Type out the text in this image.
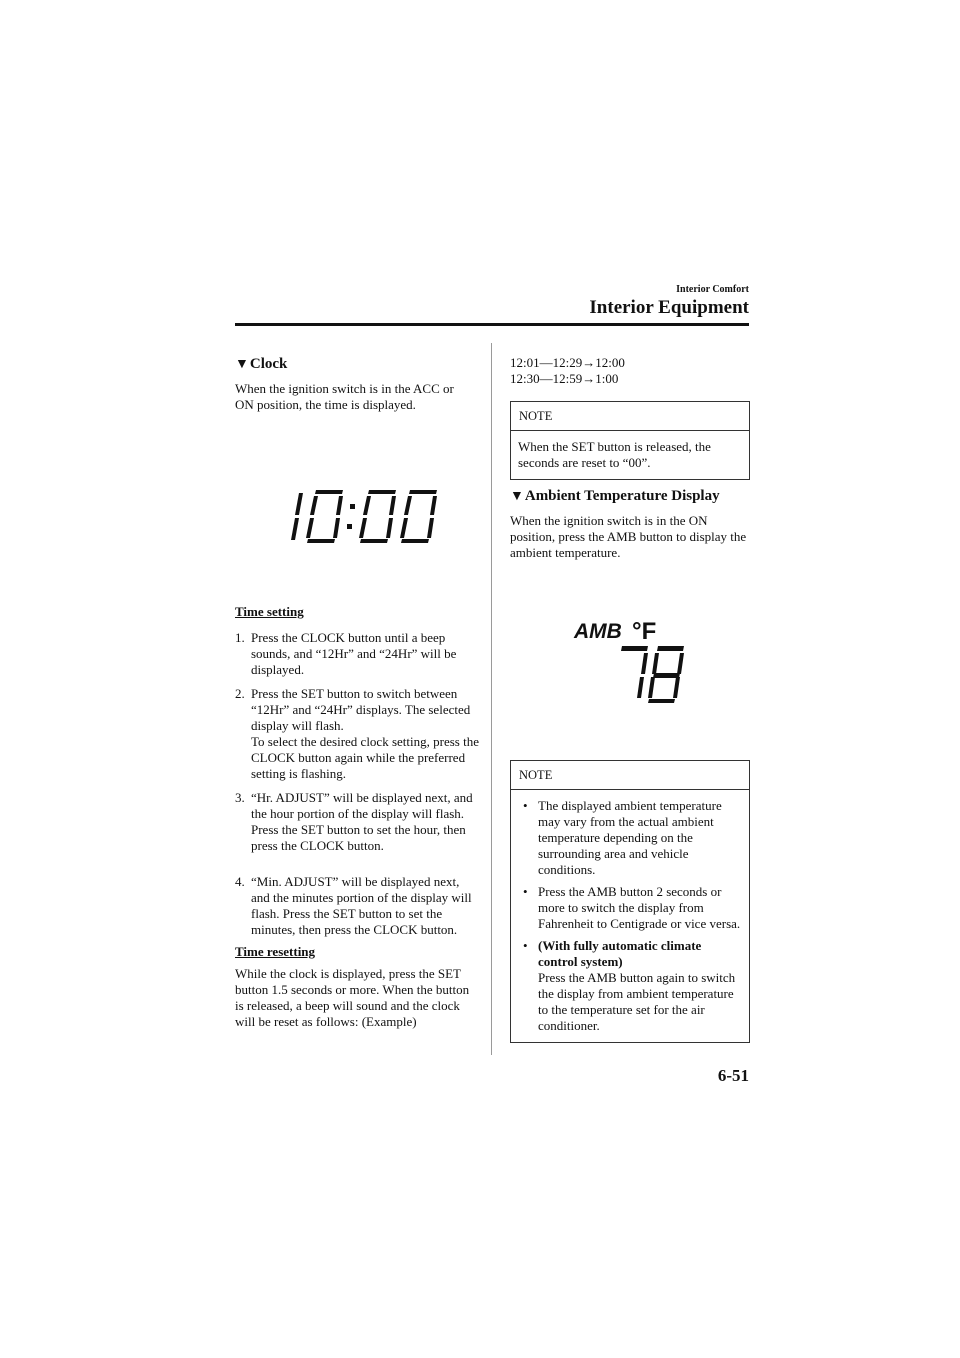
Interior Comfort
Interior Equipment
▼Clock
When the ignition switch is in the ACC or ON position, the time is displayed.
Time setting
1. Press the CLOCK button until a beep sounds, and “12Hr” and “24Hr” will be displayed.
2. Press the SET button to switch between “12Hr” and “24Hr” displays. The selected display will flash.
To select the desired clock setting, press the CLOCK button again while the preferred setting is flashing.
3. “Hr. ADJUST” will be displayed next, and the hour portion of the display will flash. Press the SET button to set the hour, then press the CLOCK button.
4. “Min. ADJUST” will be displayed next, and the minutes portion of the display will flash. Press the SET button to set the minutes, then press the CLOCK button.
Time resetting
While the clock is displayed, press the SET button 1.5 seconds or more. When the button is released, a beep will sound and the clock will be reset as follows: (Example)
12:01―12:29→12:00
12:30―12:59→1:00
NOTE
When the SET button is released, the seconds are reset to “00”.
▼Ambient Temperature Display
When the ignition switch is in the ON position, press the AMB button to display the ambient temperature.
AMB °F
NOTE
• The displayed ambient temperature may vary from the actual ambient temperature depending on the surrounding area and vehicle conditions.
• Press the AMB button 2 seconds or more to switch the display from Fahrenheit to Centigrade or vice versa.
• (With fully automatic climate control system)
Press the AMB button again to switch the display from ambient temperature to the temperature set for the air conditioner.
6-51
